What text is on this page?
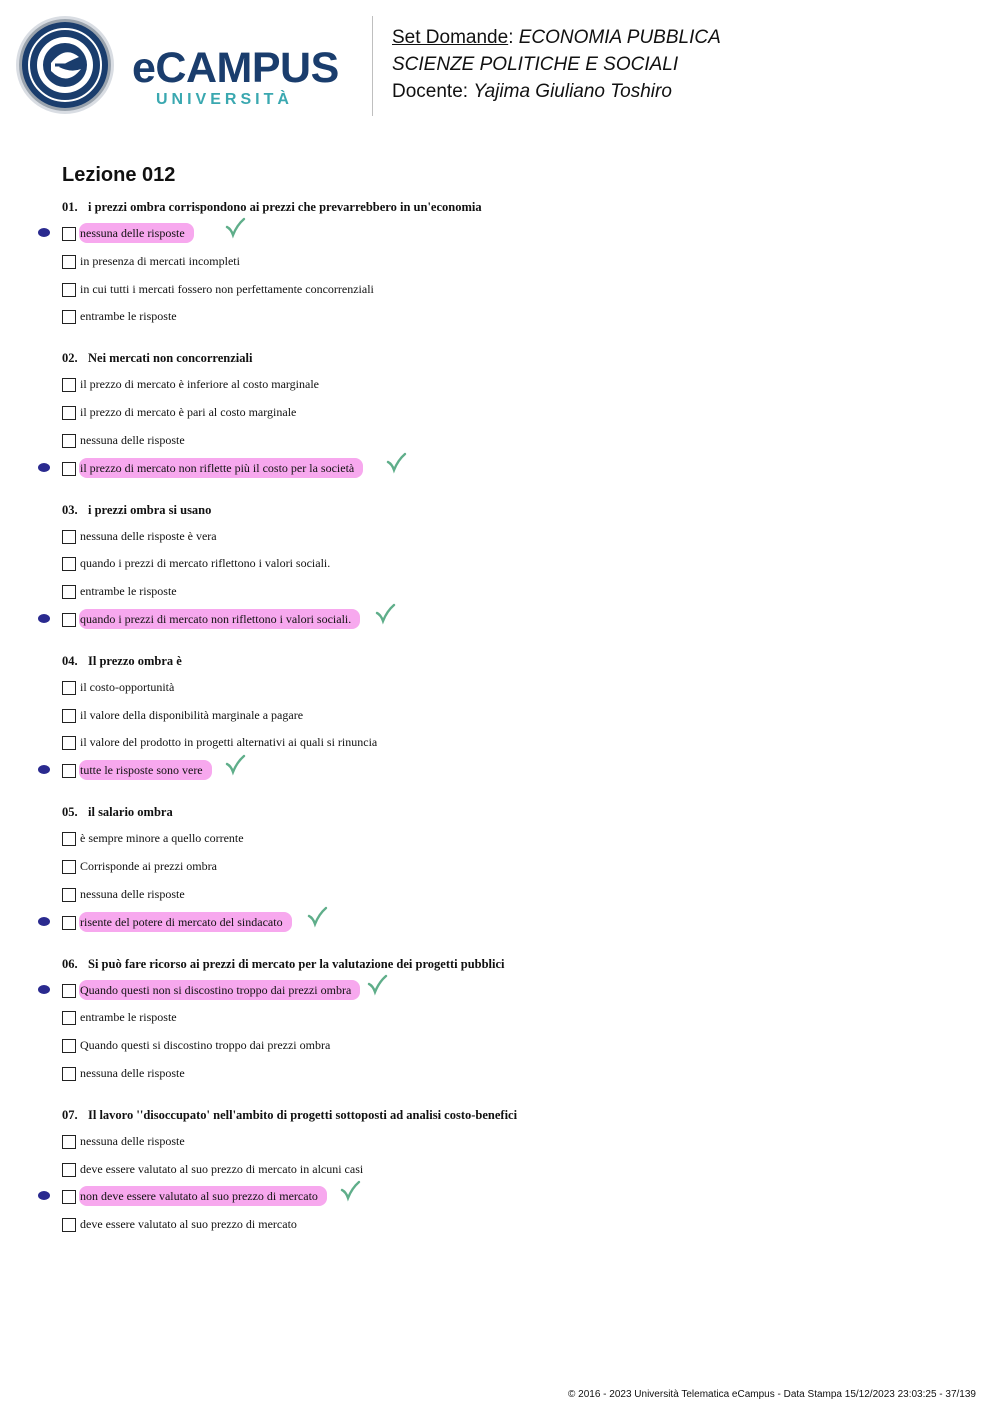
eCAMPUS
UNIVERSITÀ
Set Domande: ECONOMIA PUBBLICA
SCIENZE POLITICHE E SOCIALI
Docente: Yajima Giuliano Toshiro
Lezione 012
01. i prezzi ombra corrispondono ai prezzi che prevarrebbero in un'economia
nessuna delle risposte
in presenza di mercati incompleti
in cui tutti i mercati fossero non perfettamente concorrenziali
entrambe le risposte
02. Nei mercati non concorrenziali
il prezzo di mercato è inferiore al costo marginale
il prezzo di mercato è pari al costo marginale
nessuna delle risposte
il prezzo di mercato non riflette più il costo per la società
03. i prezzi ombra si usano
nessuna delle risposte è vera
quando i prezzi di mercato riflettono i valori sociali.
entrambe le risposte
quando i prezzi di mercato non riflettono i valori sociali.
04. Il prezzo ombra è
il costo-opportunità
il valore della disponibilità marginale a pagare
il valore del prodotto in progetti alternativi ai quali si rinuncia
tutte le risposte sono vere
05. il salario ombra
è sempre minore a quello corrente
Corrisponde ai prezzi ombra
nessuna delle risposte
risente del potere di mercato del sindacato
06. Si può fare ricorso ai prezzi di mercato per la valutazione dei progetti pubblici
Quando questi non si discostino troppo dai prezzi ombra
entrambe le risposte
Quando questi si discostino troppo dai prezzi ombra
nessuna delle risposte
07. Il lavoro ''disoccupato' nell'ambito di progetti sottoposti ad analisi costo-benefici
nessuna delle risposte
deve essere valutato al suo prezzo di mercato in alcuni casi
non deve essere valutato al suo prezzo di mercato
deve essere valutato al suo prezzo di mercato
© 2016 - 2023 Università Telematica eCampus - Data Stampa 15/12/2023 23:03:25 - 37/139
